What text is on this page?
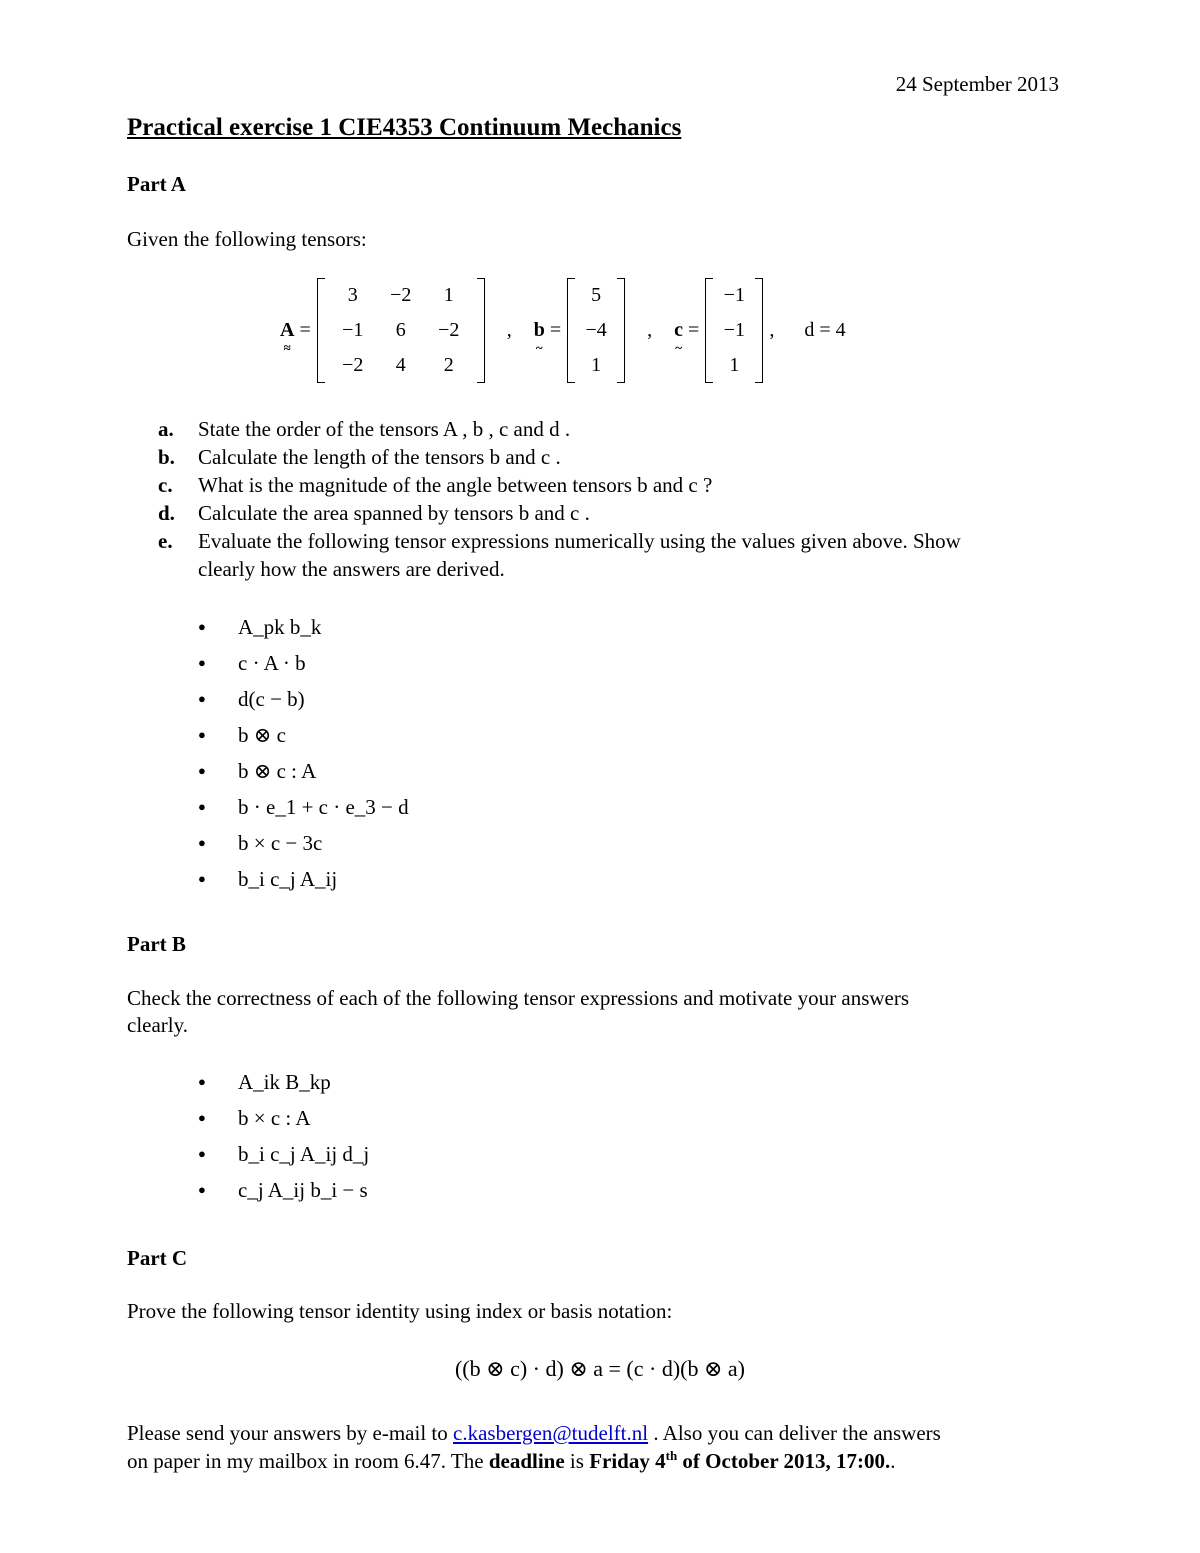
24 September 2013
Practical exercise 1 CIE4353 Continuum Mechanics
Part A
Given the following tensors:
A ≈ =
3	−2	1
−1	6	−2
−2	4	2
, b ~ =
5
−4
1
, c ~ =
−1
−1
1
, d = 4
a.	State the order of the tensors A , b , c and d .
b.	Calculate the length of the tensors b and c .
c.	What is the magnitude of the angle between tensors b and c ?
d.	Calculate the area spanned by tensors b and c .
e.	Evaluate the following tensor expressions numerically using the values given above. Show
clearly how the answers are derived.
●	A_pk b_k
●	c · A · b
●	d(c − b)
●	b ⊗ c
●	b ⊗ c : A
●	b · e_1 + c · e_3 − d
●	b × c − 3c
●	b_i c_j A_ij
Part B
Check the correctness of each of the following tensor expressions and motivate your answers
clearly.
●	A_ik B_kp
●	b × c : A
●	b_i c_j A_ij d_j
●	c_j A_ij b_i − s
Part C
Prove the following tensor identity using index or basis notation:
((b ⊗ c) · d) ⊗ a = (c · d)(b ⊗ a)
Please send your answers by e-mail to c.kasbergen@tudelft.nl . Also you can deliver the answers
on paper in my mailbox in room 6.47. The deadline is Friday 4th of October 2013, 17:00..
